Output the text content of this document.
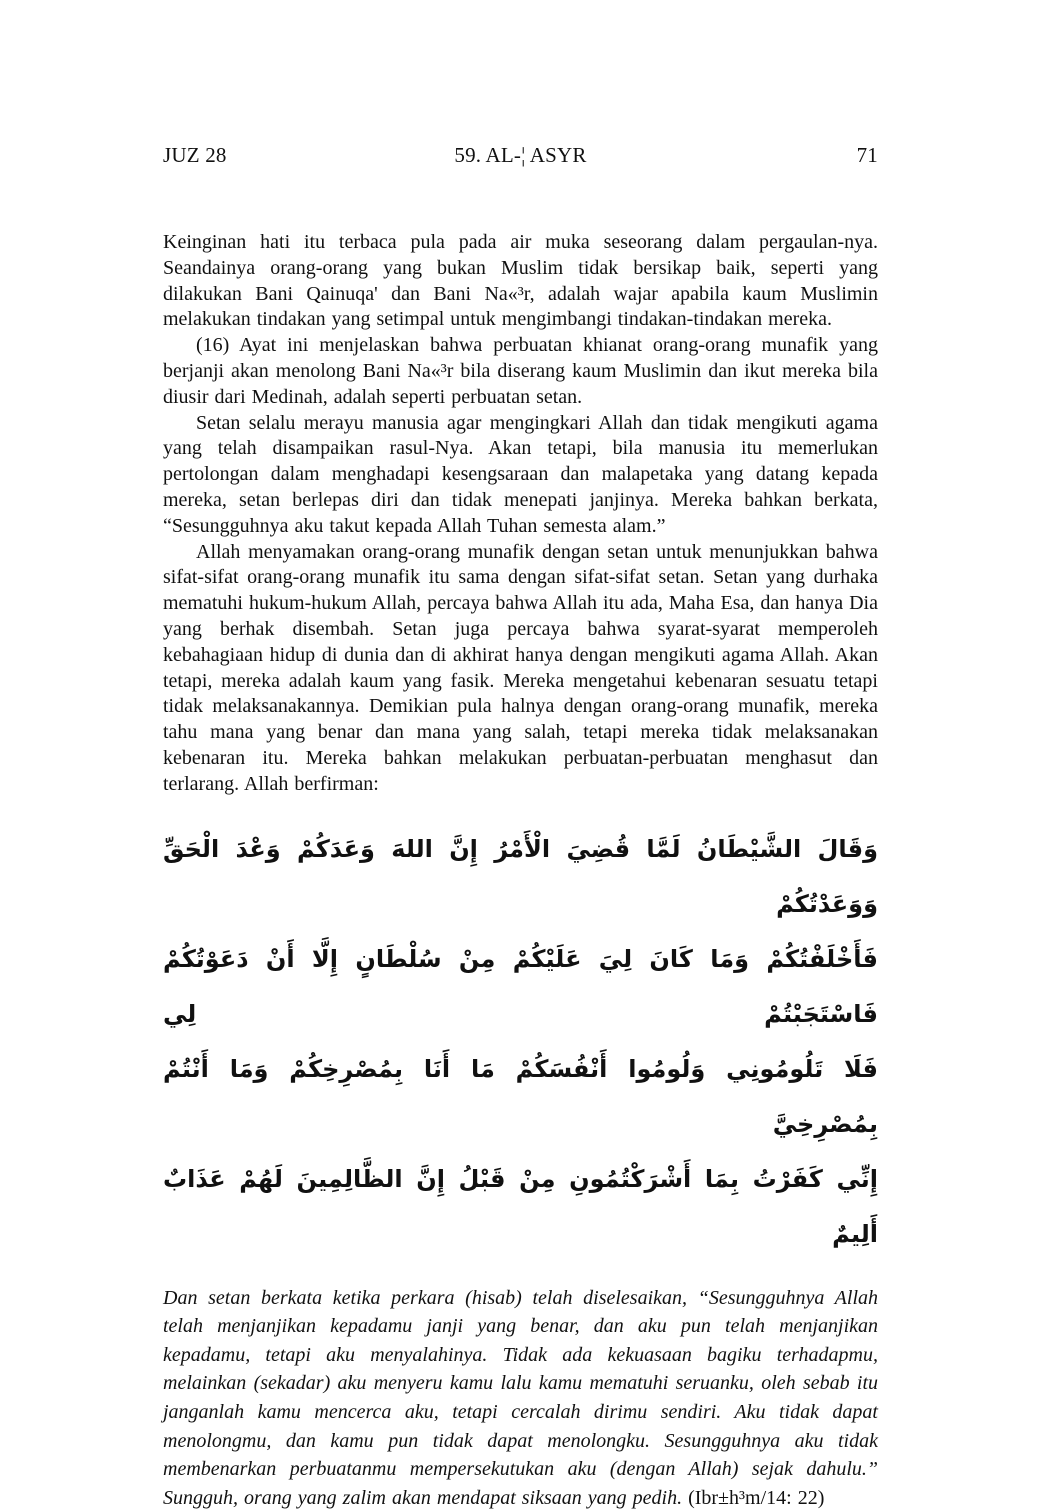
JUZ 28	59. AL-¦ ASYR	71

Keinginan hati itu terbaca pula pada air muka seseorang dalam pergaulan-nya. Seandainya orang-orang yang bukan Muslim tidak bersikap baik, seperti yang dilakukan Bani Qainuqa' dan Bani Na«³r, adalah wajar apabila kaum Muslimin melakukan tindakan yang setimpal untuk mengimbangi tindakan-tindakan mereka.

(16) Ayat ini menjelaskan bahwa perbuatan khianat orang-orang munafik yang berjanji akan menolong Bani Na«³r bila diserang kaum Muslimin dan ikut mereka bila diusir dari Medinah, adalah seperti perbuatan setan.

Setan selalu merayu manusia agar mengingkari Allah dan tidak mengikuti agama yang telah disampaikan rasul-Nya. Akan tetapi, bila manusia itu memerlukan pertolongan dalam menghadapi kesengsaraan dan malapetaka yang datang kepada mereka, setan berlepas diri dan tidak menepati janjinya. Mereka bahkan berkata, “Sesungguhnya aku takut kepada Allah Tuhan semesta alam.”

Allah menyamakan orang-orang munafik dengan setan untuk menunjukkan bahwa sifat-sifat orang-orang munafik itu sama dengan sifat-sifat setan. Setan yang durhaka mematuhi hukum-hukum Allah, percaya bahwa Allah itu ada, Maha Esa, dan hanya Dia yang berhak disembah. Setan juga percaya bahwa syarat-syarat memperoleh kebahagiaan hidup di dunia dan di akhirat hanya dengan mengikuti agama Allah. Akan tetapi, mereka adalah kaum yang fasik. Mereka mengetahui kebenaran sesuatu tetapi tidak melaksanakannya. Demikian pula halnya dengan orang-orang munafik, mereka tahu mana yang benar dan mana yang salah, tetapi mereka tidak melaksanakan kebenaran itu. Mereka bahkan melakukan perbuatan-perbuatan menghasut dan terlarang. Allah berfirman:

وَقَالَ الشَّيْطَانُ لَمَّا قُضِيَ الْأَمْرُ إِنَّ اللهَ وَعَدَكُمْ وَعْدَ الْحَقِّ وَوَعَدْتُكُمْ
فَأَخْلَفْتُكُمْ وَمَا كَانَ لِيَ عَلَيْكُمْ مِنْ سُلْطَانٍ إِلَّا أَنْ دَعَوْتُكُمْ فَاسْتَجَبْتُمْ لِي
فَلَا تَلُومُونِي وَلُومُوا أَنْفُسَكُمْ مَا أَنَا بِمُصْرِخِكُمْ وَمَا أَنْتُمْ بِمُصْرِخِيَّ
إِنِّي كَفَرْتُ بِمَا أَشْرَكْتُمُونِ مِنْ قَبْلُ إِنَّ الظَّالِمِينَ لَهُمْ عَذَابٌ أَلِيمٌ

Dan setan berkata ketika perkara (hisab) telah diselesaikan, “Sesungguhnya Allah telah menjanjikan kepadamu janji yang benar, dan aku pun telah menjanjikan kepadamu, tetapi aku menyalahinya. Tidak ada kekuasaan bagiku terhadapmu, melainkan (sekadar) aku menyeru kamu lalu kamu mematuhi seruanku, oleh sebab itu janganlah kamu mencerca aku, tetapi cercalah dirimu sendiri. Aku tidak dapat menolongmu, dan kamu pun tidak dapat menolongku. Sesungguhnya aku tidak membenarkan perbuatanmu mempersekutukan aku (dengan Allah) sejak dahulu.” Sungguh, orang yang zalim akan mendapat siksaan yang pedih. (Ibr±h³m/14: 22)
